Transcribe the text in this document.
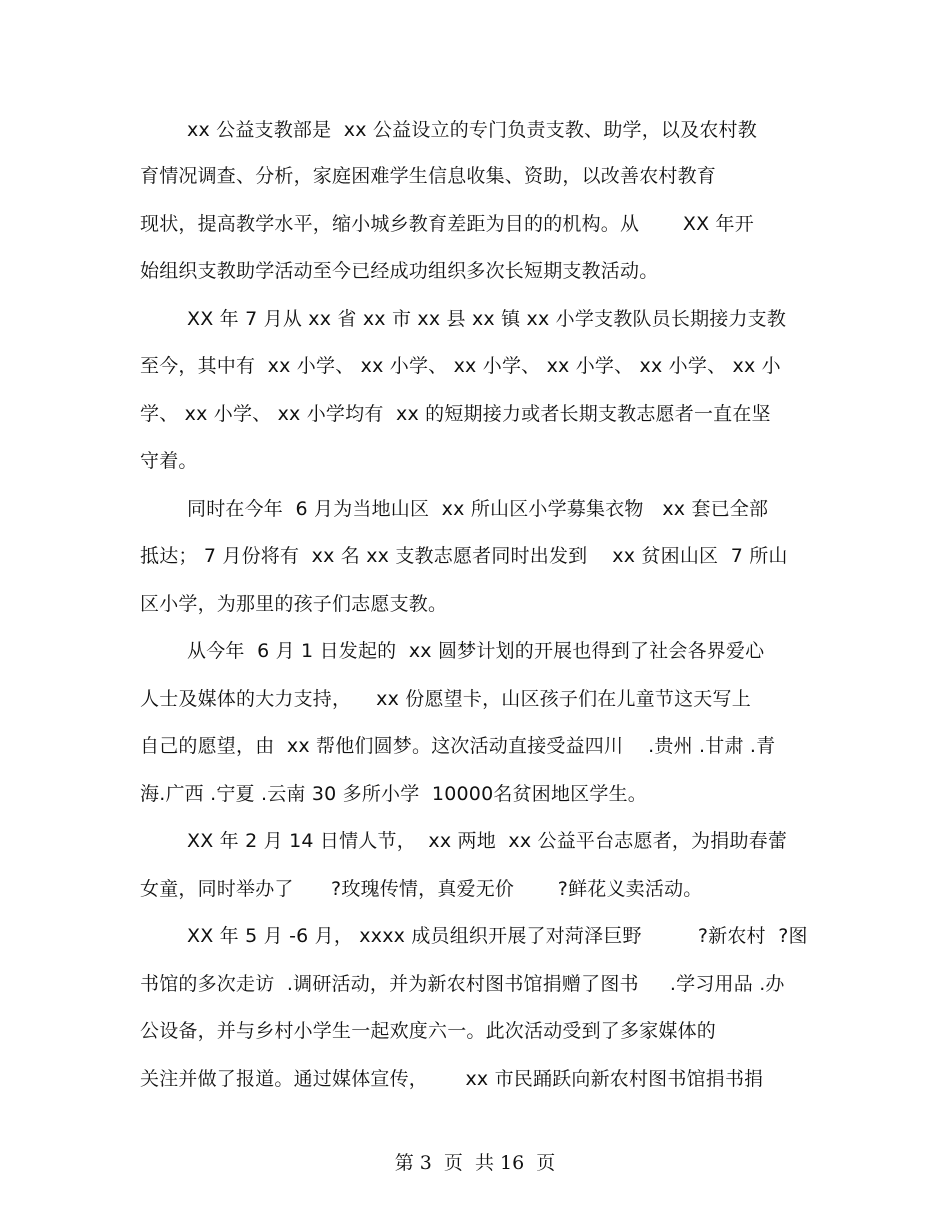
xx 公益支教部是  xx 公益设立的专门负责支教、助学，以及农村教
育情况调查、分析，家庭困难学生信息收集、资助，以改善农村教育
现状，提高教学水平，缩小城乡教育差距为目的的机构。从       XX 年开
始组织支教助学活动至今已经成功组织多次长短期支教活动。
XX 年 7 月从 xx 省 xx 市 xx 县 xx 镇 xx 小学支教队员长期接力支教
至今，其中有  xx 小学、 xx 小学、 xx 小学、 xx 小学、 xx 小学、 xx 小
学、 xx 小学、 xx 小学均有  xx 的短期接力或者长期支教志愿者一直在坚
守着。
同时在今年  6 月为当地山区  xx 所山区小学募集衣物   xx 套已全部
抵达； 7 月份将有  xx 名 xx 支教志愿者同时出发到    xx 贫困山区  7 所山
区小学，为那里的孩子们志愿支教。
从今年  6 月 1 日发起的  xx 圆梦计划的开展也得到了社会各界爱心
人士及媒体的大力支持，    xx 份愿望卡，山区孩子们在儿童节这天写上
自己的愿望，由  xx 帮他们圆梦。这次活动直接受益四川    .贵州 .甘肃 .青
海.广西 .宁夏 .云南 30 多所小学  10000名贫困地区学生。
XX 年 2 月 14 日情人节，  xx 两地  xx 公益平台志愿者，为捐助春蕾
女童，同时举办了      ?玫瑰传情，真爱无价       ?鲜花义卖活动。
XX 年 5 月 -6 月， xxxx 成员组织开展了对菏泽巨野         ?新农村  ?图
书馆的多次走访  .调研活动，并为新农村图书馆捐赠了图书     .学习用品 .办
公设备，并与乡村小学生一起欢度六一。此次活动受到了多家媒体的
关注并做了报道。通过媒体宣传，      xx 市民踊跃向新农村图书馆捐书捐
第 3  页  共 16  页
